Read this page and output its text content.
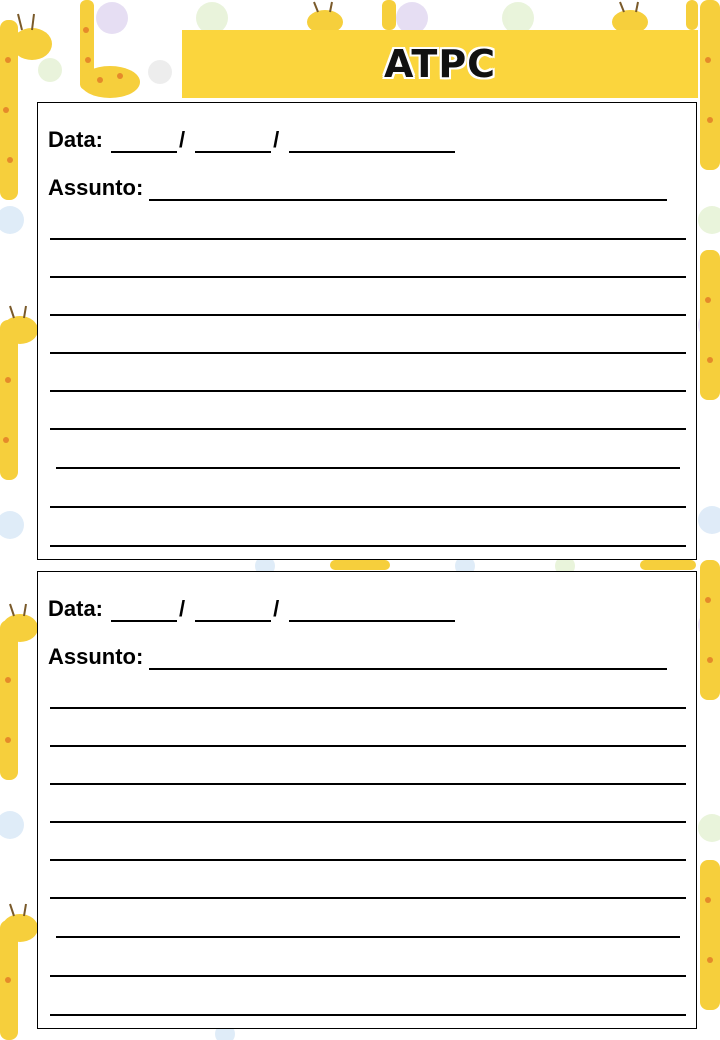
ATPC
Data:	/	/
Assunto:
Data:	/	/
Assunto:
